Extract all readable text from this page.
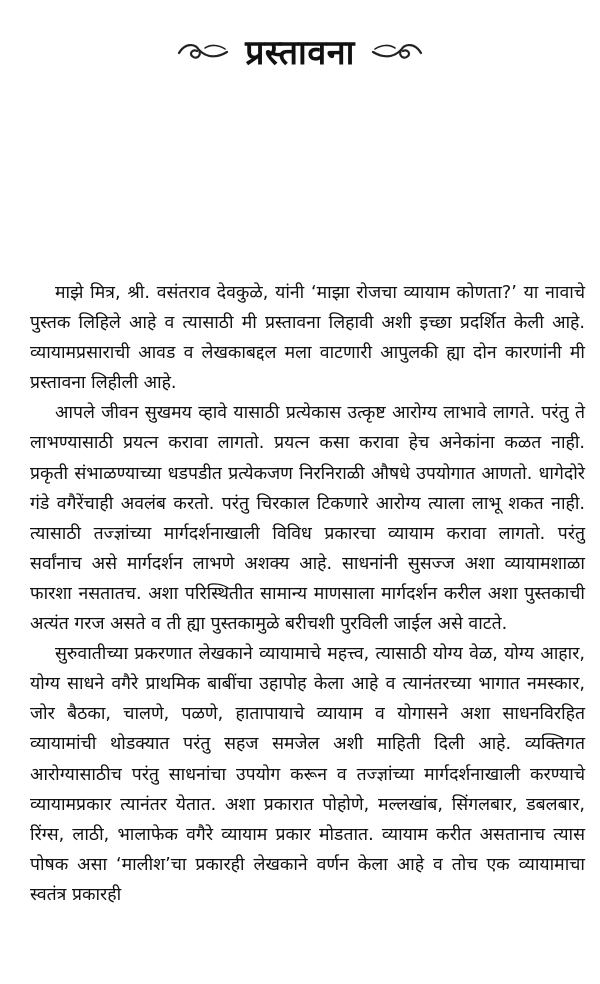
प्रस्तावना

माझे मित्र, श्री. वसंतराव देवकुळे, यांनी ‘माझा रोजचा व्यायाम कोणता?’ या नावाचे पुस्तक लिहिले आहे व त्यासाठी मी प्रस्तावना लिहावी अशी इच्छा प्रदर्शित केली आहे. व्यायामप्रसाराची आवड व लेखकाबद्दल मला वाटणारी आपुलकी ह्या दोन कारणांनी मी प्रस्तावना लिहीली आहे.

आपले जीवन सुखमय व्हावे यासाठी प्रत्येकास उत्कृष्ट आरोग्य लाभावे लागते. परंतु ते लाभण्यासाठी प्रयत्न करावा लागतो. प्रयत्न कसा करावा हेच अनेकांना कळत नाही. प्रकृती संभाळण्याच्या धडपडीत प्रत्येकजण निरनिराळी औषधे उपयोगात आणतो. धागेदोरे गंडे वगैरेंचाही अवलंब करतो. परंतु चिरकाल टिकणारे आरोग्य त्याला लाभू शकत नाही. त्यासाठी तज्ज्ञांच्या मार्गदर्शनाखाली विविध प्रकारचा व्यायाम करावा लागतो. परंतु सर्वांनाच असे मार्गदर्शन लाभणे अशक्य आहे. साधनांनी सुसज्ज अशा व्यायामशाळा फारशा नसतातच. अशा परिस्थितीत सामान्य माणसाला मार्गदर्शन करील अशा पुस्तकाची अत्यंत गरज असते व ती ह्या पुस्तकामुळे बरीचशी पुरविली जाईल असे वाटते.

सुरुवातीच्या प्रकरणात लेखकाने व्यायामाचे महत्त्व, त्यासाठी योग्य वेळ, योग्य आहार, योग्य साधने वगैरे प्राथमिक बाबींचा उहापोह केला आहे व त्यानंतरच्या भागात नमस्कार, जोर बैठका, चालणे, पळणे, हातापायाचे व्यायाम व योगासने अशा साधनविरहित व्यायामांची थोडक्यात परंतु सहज समजेल अशी माहिती दिली आहे. व्यक्तिगत आरोग्यासाठीच परंतु साधनांचा उपयोग करून व तज्ज्ञांच्या मार्गदर्शनाखाली करण्याचे व्यायामप्रकार त्यानंतर येतात. अशा प्रकारात पोहोणे, मल्लखांब, सिंगलबार, डबलबार, रिंग्स, लाठी, भालाफेक वगैरे व्यायाम प्रकार मोडतात. व्यायाम करीत असतानाच त्यास पोषक असा ‘मालीश’चा प्रकारही लेखकाने वर्णन केला आहे व तोच एक व्यायामाचा स्वतंत्र प्रकारही
